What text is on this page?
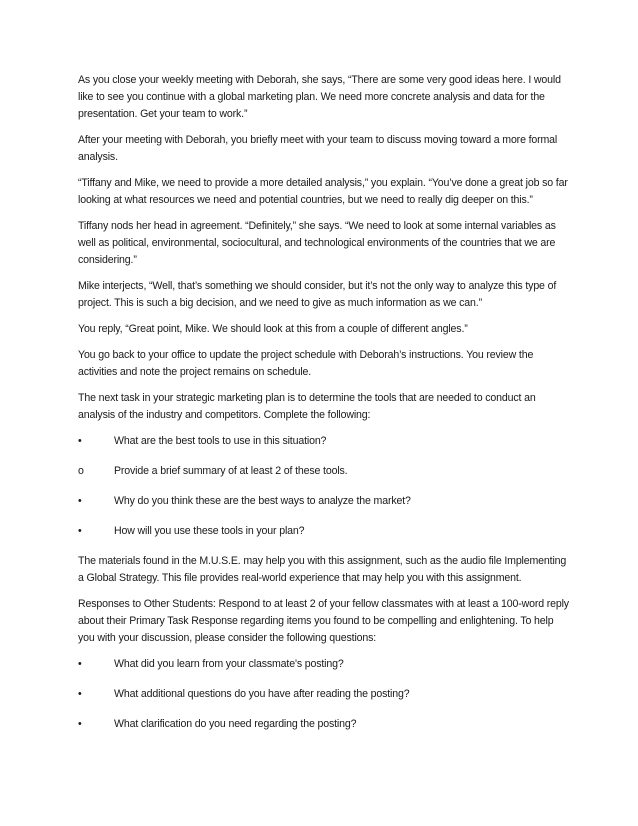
As you close your weekly meeting with Deborah, she says, “There are some very good ideas here. I would like to see you continue with a global marketing plan. We need more concrete analysis and data for the presentation. Get your team to work.”

After your meeting with Deborah, you briefly meet with your team to discuss moving toward a more formal analysis.

“Tiffany and Mike, we need to provide a more detailed analysis,” you explain. “You’ve done a great job so far looking at what resources we need and potential countries, but we need to really dig deeper on this.”

Tiffany nods her head in agreement. “Definitely,” she says. “We need to look at some internal variables as well as political, environmental, sociocultural, and technological environments of the countries that we are considering.”

Mike interjects, “Well, that’s something we should consider, but it’s not the only way to analyze this type of project. This is such a big decision, and we need to give as much information as we can.”

You reply, “Great point, Mike. We should look at this from a couple of different angles.”

You go back to your office to update the project schedule with Deborah’s instructions. You review the activities and note the project remains on schedule.

The next task in your strategic marketing plan is to determine the tools that are needed to conduct an analysis of the industry and competitors. Complete the following:

•	What are the best tools to use in this situation?
o	Provide a brief summary of at least 2 of these tools.
•	Why do you think these are the best ways to analyze the market?
•	How will you use these tools in your plan?

The materials found in the M.U.S.E. may help you with this assignment, such as the audio file Implementing a Global Strategy. This file provides real-world experience that may help you with this assignment.

Responses to Other Students: Respond to at least 2 of your fellow classmates with at least a 100-word reply about their Primary Task Response regarding items you found to be compelling and enlightening. To help you with your discussion, please consider the following questions:

•	What did you learn from your classmate's posting?
•	What additional questions do you have after reading the posting?
•	What clarification do you need regarding the posting?
